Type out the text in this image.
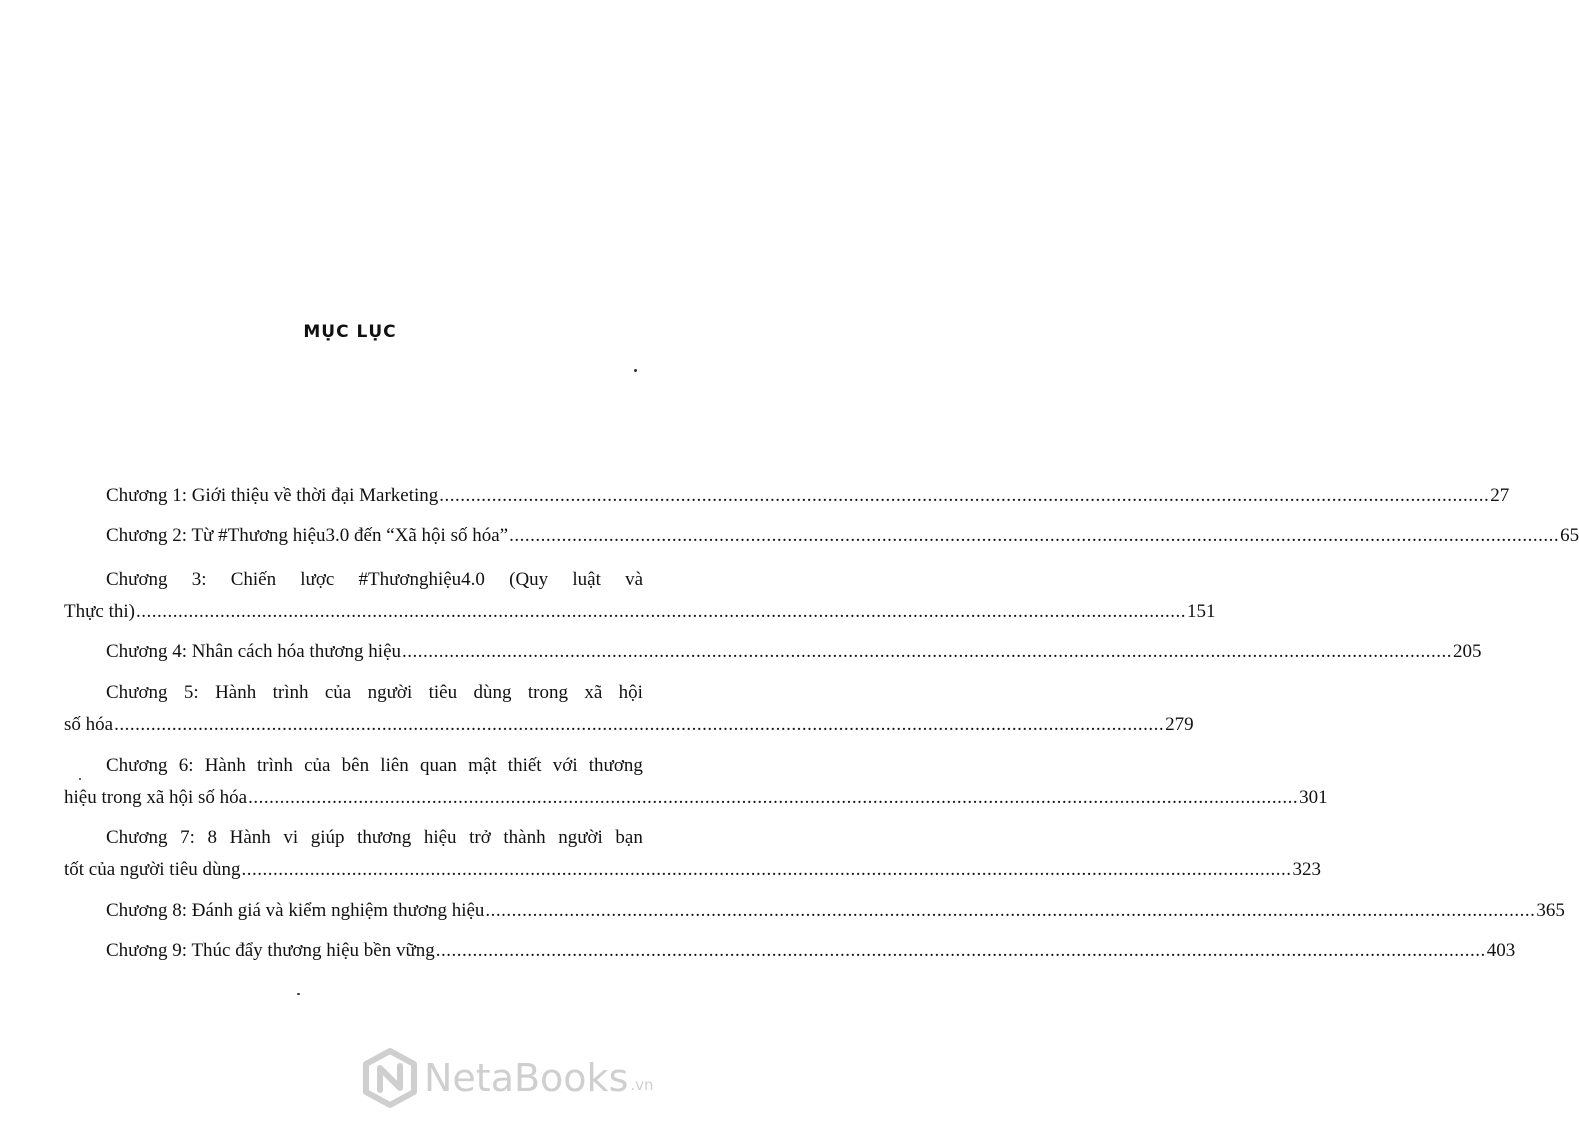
MỤC LỤC
Chương 1: Giới thiệu về thời đại Marketing ........................................................................................................................................................................................................ 27
Chương 2: Từ #Thương hiệu3.0 đến “Xã hội số hóa” ........................................................................................................................................................................................................ 65
Chương 3: Chiến lược #Thươnghiệu4.0 (Quy luật và
Thực thi) ........................................................................................................................................................................................................ 151
Chương 4: Nhân cách hóa thương hiệu ........................................................................................................................................................................................................ 205
Chương 5: Hành trình của người tiêu dùng trong xã hội
số hóa ........................................................................................................................................................................................................ 279
Chương 6: Hành trình của bên liên quan mật thiết với thương
hiệu trong xã hội số hóa ........................................................................................................................................................................................................ 301
Chương 7: 8 Hành vi giúp thương hiệu trở thành người bạn
tốt của người tiêu dùng ........................................................................................................................................................................................................ 323
Chương 8: Đánh giá và kiểm nghiệm thương hiệu ........................................................................................................................................................................................................ 365
Chương 9: Thúc đẩy thương hiệu bền vững ........................................................................................................................................................................................................ 403
NetaBooks .vn
